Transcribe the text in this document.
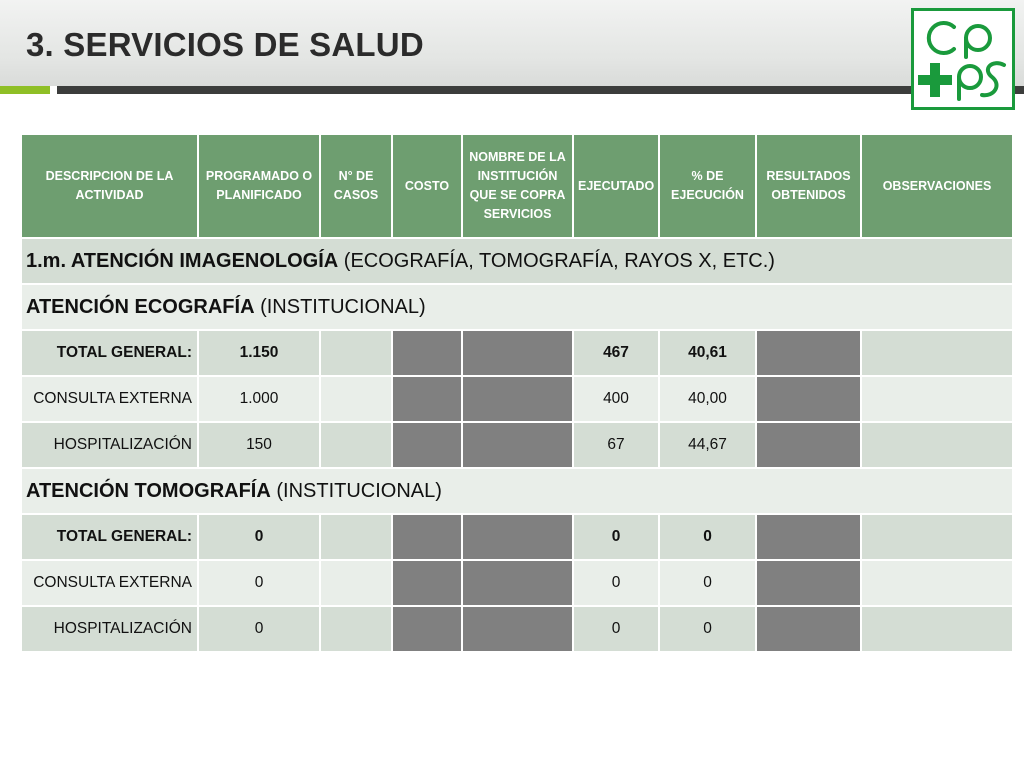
3. SERVICIOS DE SALUD
DESCRIPCION DE LA ACTIVIDAD	PROGRAMADO O PLANIFICADO	N° DE CASOS	COSTO	NOMBRE DE LA INSTITUCIÓN QUE SE COPRA SERVICIOS	EJECUTADO	% DE EJECUCIÓN	RESULTADOS OBTENIDOS	OBSERVACIONES
1.m. ATENCIÓN IMAGENOLOGÍA (ECOGRAFÍA, TOMOGRAFÍA, RAYOS X, ETC.)								
ATENCIÓN ECOGRAFÍA (INSTITUCIONAL)								
TOTAL GENERAL:	1.150				467	40,61		
CONSULTA EXTERNA	1.000				400	40,00		
HOSPITALIZACIÓN	150				67	44,67		
ATENCIÓN TOMOGRAFÍA (INSTITUCIONAL)								
TOTAL GENERAL:	0				0	0		
CONSULTA EXTERNA	0				0	0		
HOSPITALIZACIÓN	0				0	0		
